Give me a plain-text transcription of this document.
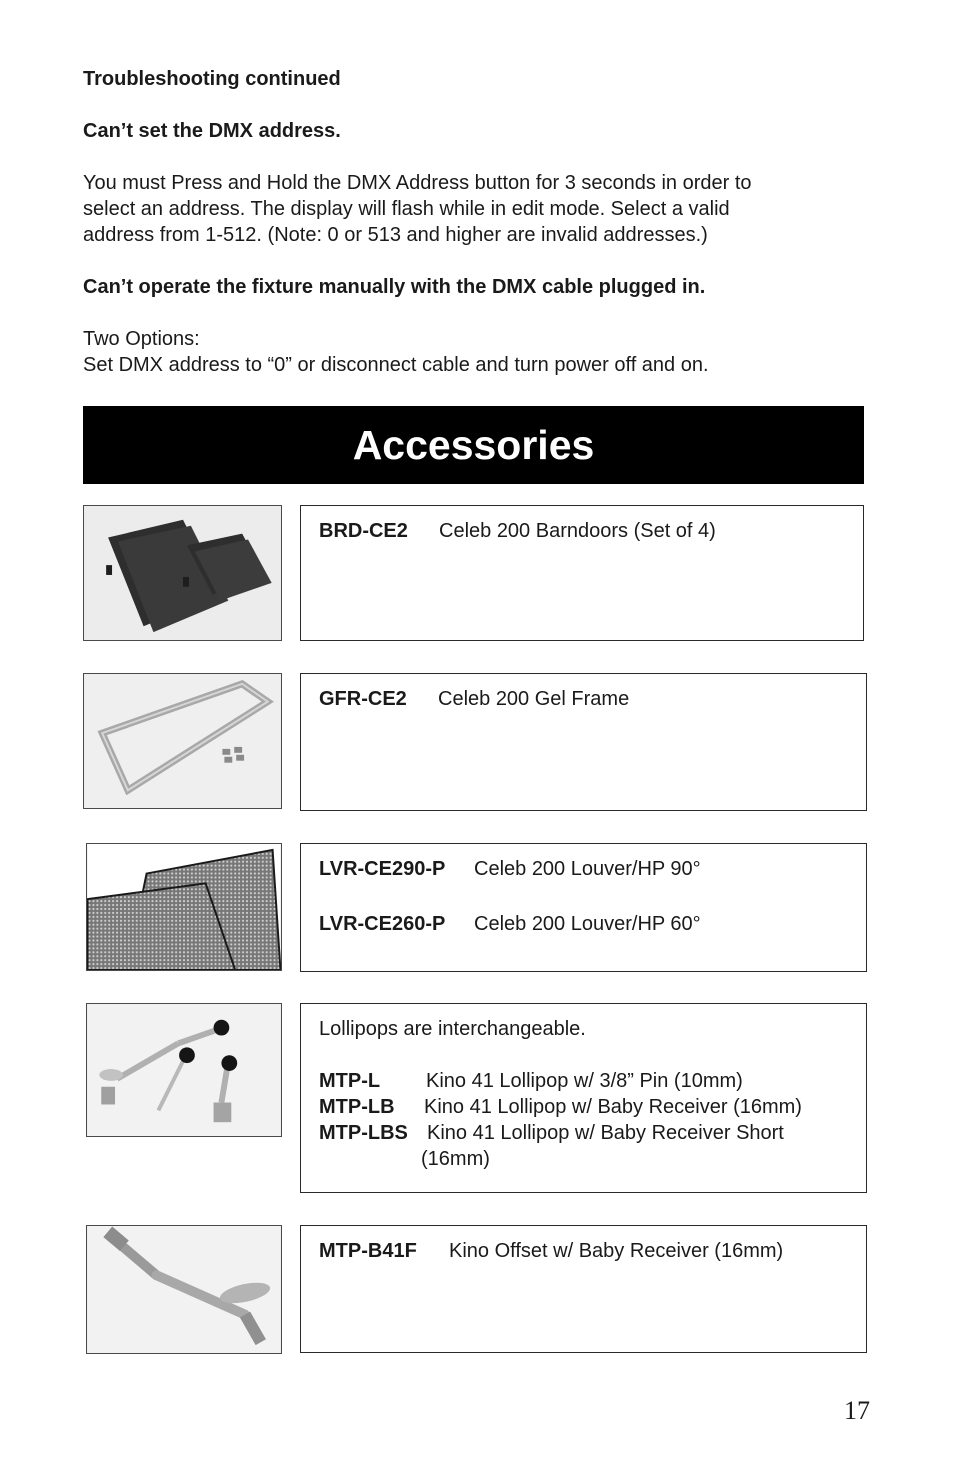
Troubleshooting continued

Can’t set the DMX address.

You must Press and Hold the DMX Address button for 3 seconds in order to
select an address. The display will flash while in edit mode. Select a valid
address from 1-512. (Note: 0 or 513 and higher are invalid addresses.)

Can’t operate the fixture manually with the DMX cable plugged in.

Two Options:
Set DMX address to “0” or disconnect cable and turn power off and on.
Accessories
BRD-CE2 Celeb 200 Barndoors (Set of 4)
GFR-CE2 Celeb 200 Gel Frame
LVR-CE290-P Celeb 200 Louver/HP 90°
LVR-CE260-P Celeb 200 Louver/HP 60°
Lollipops are interchangeable.
MTP-L Kino 41 Lollipop w/ 3/8” Pin (10mm)
MTP-LB Kino 41 Lollipop w/ Baby Receiver (16mm)
MTP-LBS Kino 41 Lollipop w/ Baby Receiver Short
(16mm)
MTP-B41F Kino Offset w/ Baby Receiver (16mm)
17
